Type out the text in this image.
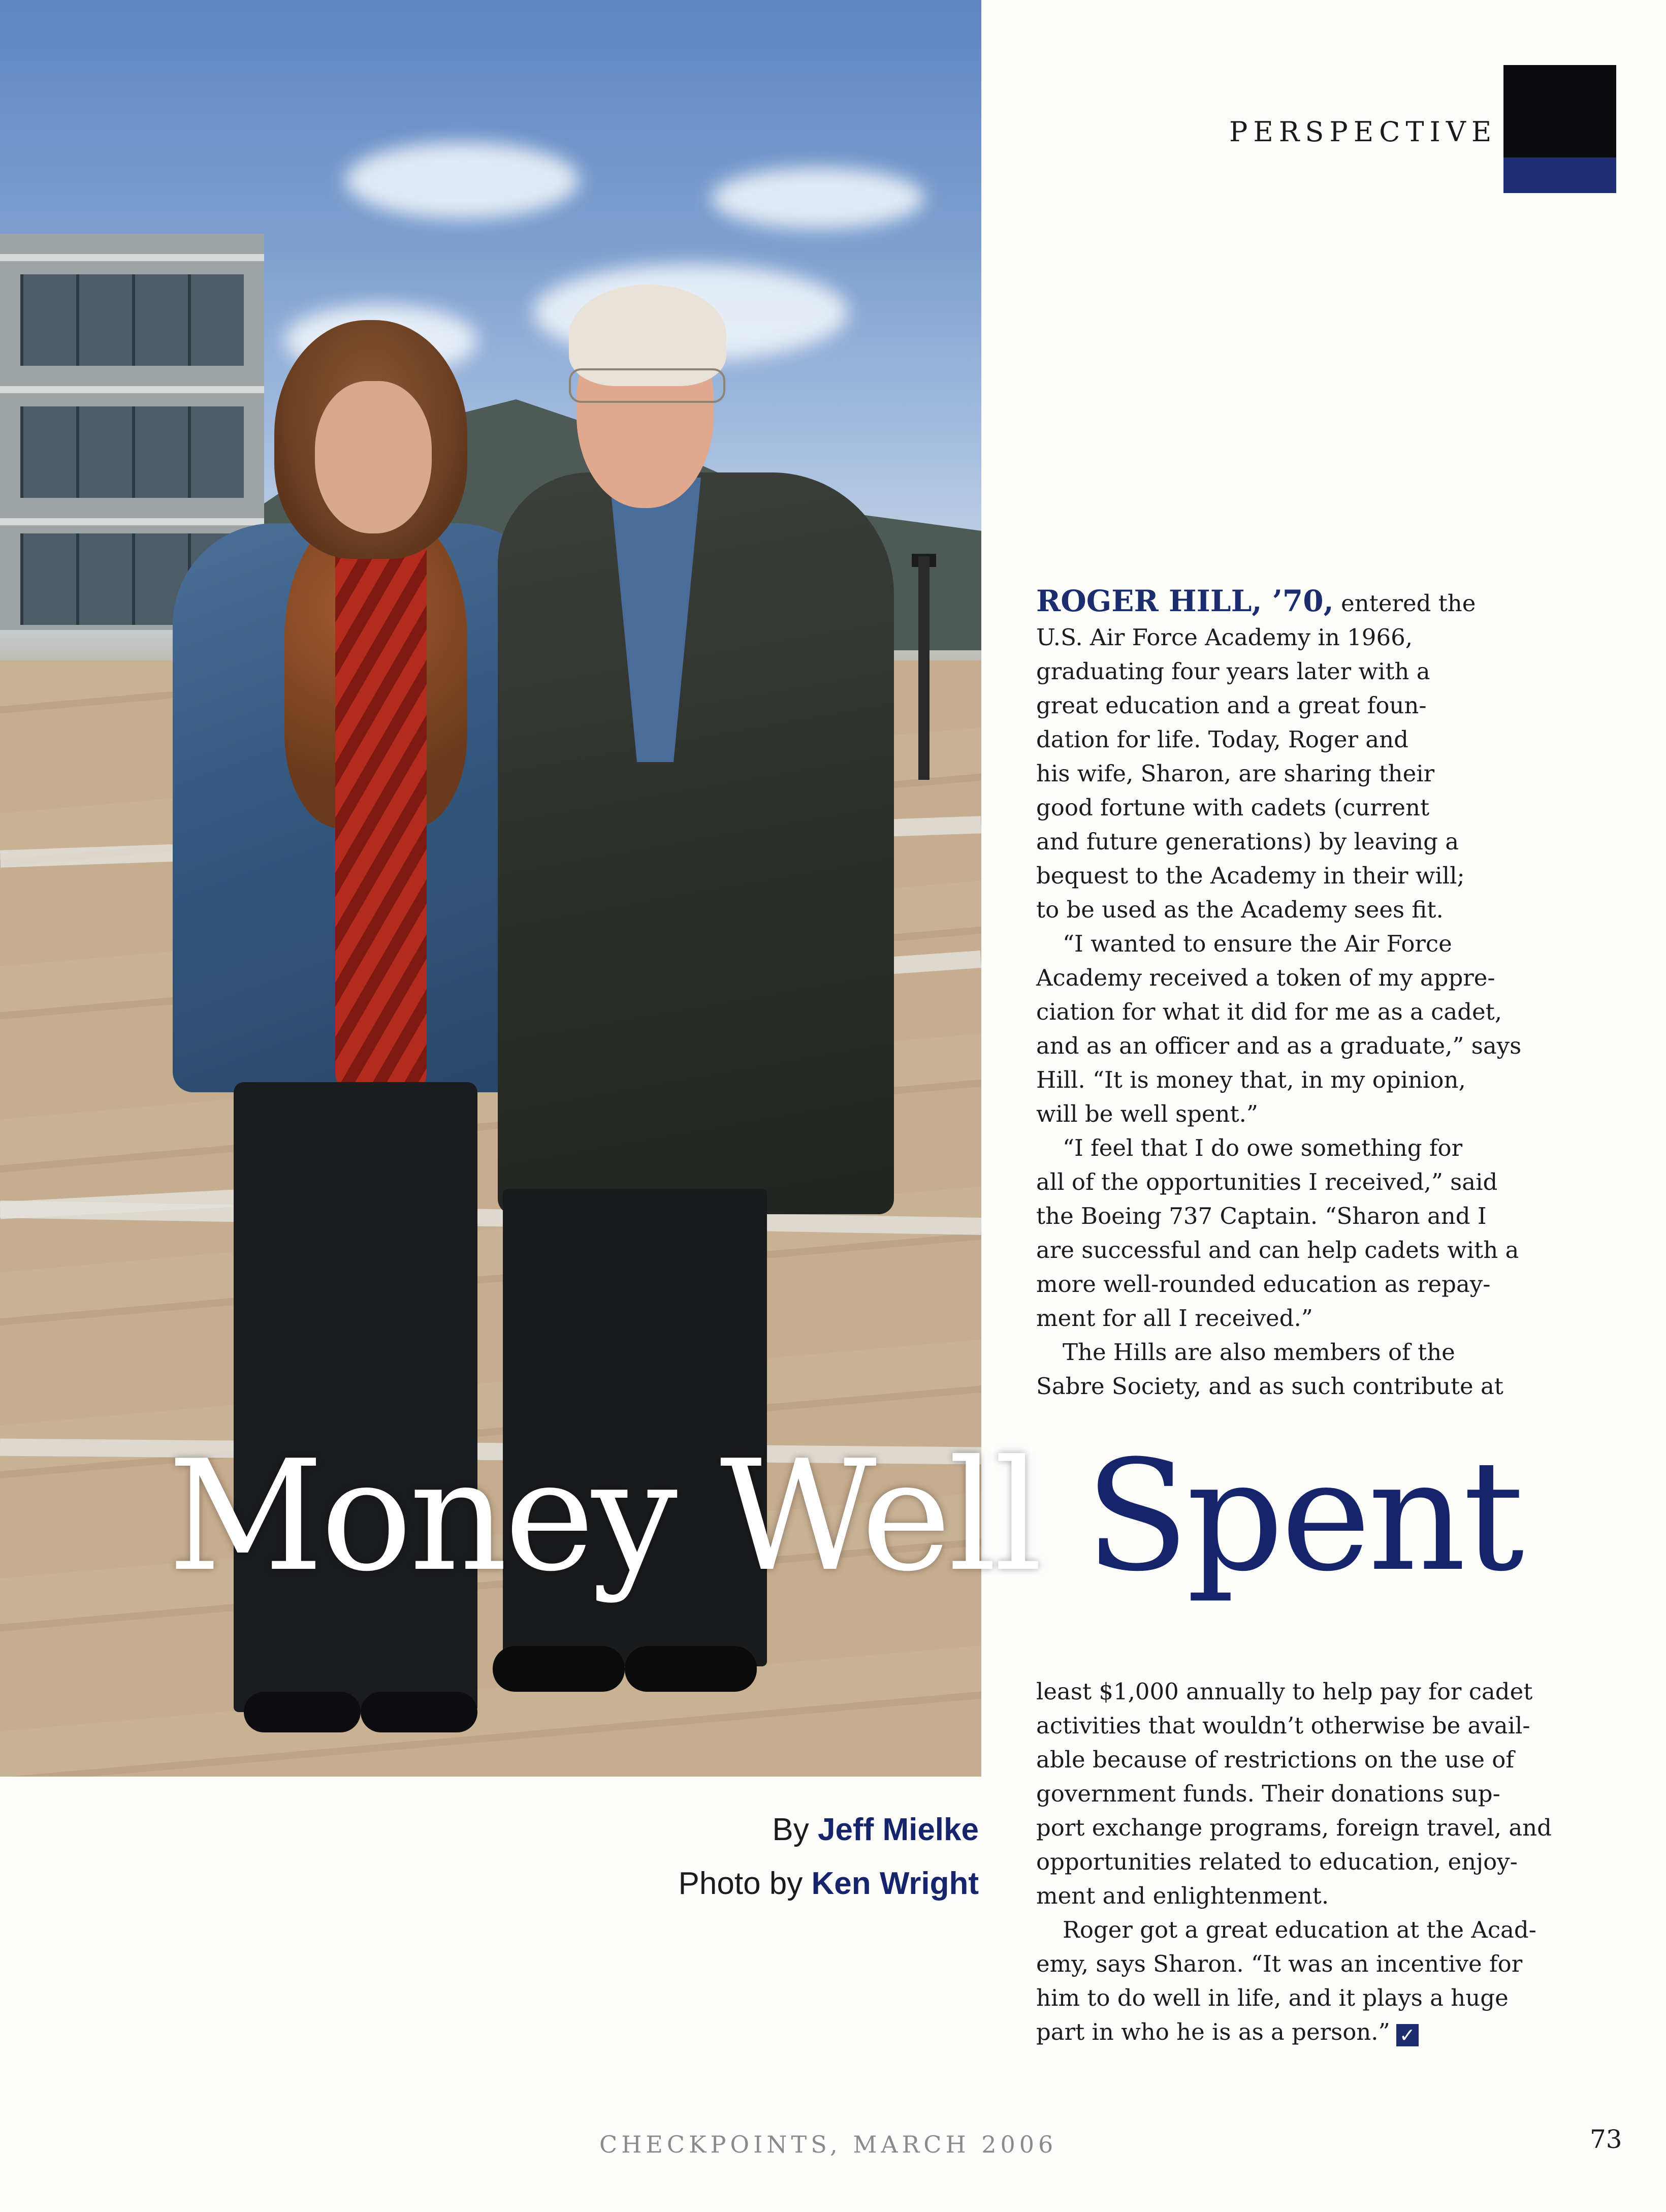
PERSPECTIVE
ROGER HILL, ’70, entered the
U.S. Air Force Academy in 1966,
graduating four years later with a
great education and a great foun-
dation for life. Today, Roger and
his wife, Sharon, are sharing their
good fortune with cadets (current
and future generations) by leaving a
bequest to the Academy in their will;
to be used as the Academy sees fit.
“I wanted to ensure the Air Force
Academy received a token of my appre-
ciation for what it did for me as a cadet,
and as an officer and as a graduate,” says
Hill. “It is money that, in my opinion,
will be well spent.”
“I feel that I do owe something for
all of the opportunities I received,” said
the Boeing 737 Captain. “Sharon and I
are successful and can help cadets with a
more well-rounded education as repay-
ment for all I received.”
The Hills are also members of the
Sabre Society, and as such contribute at
Money Well Spent
least $1,000 annually to help pay for cadet
activities that wouldn’t otherwise be avail-
able because of restrictions on the use of
government funds. Their donations sup-
port exchange programs, foreign travel, and
opportunities related to education, enjoy-
ment and enlightenment.
Roger got a great education at the Acad-
emy, says Sharon. “It was an incentive for
him to do well in life, and it plays a huge
part in who he is as a person.” ✓
By Jeff Mielke
Photo by Ken Wright
CHECKPOINTS, MARCH 2006	73
